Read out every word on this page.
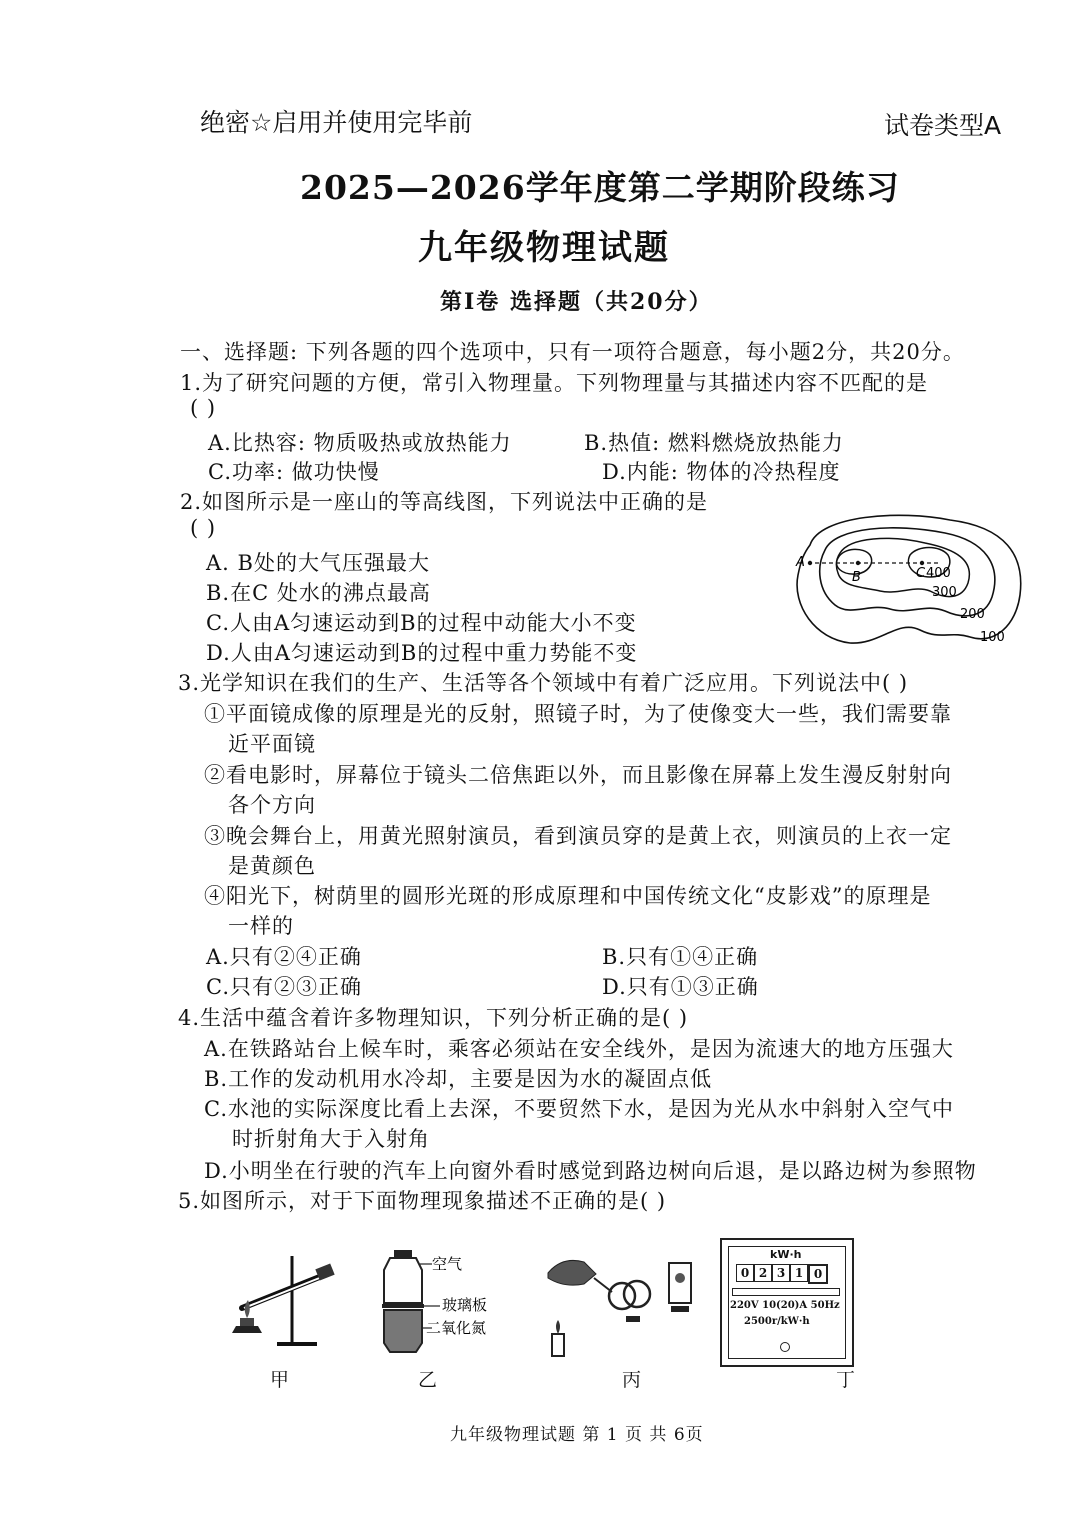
绝密☆启用并使用完毕前	试卷类型A
2025—2026学年度第二学期阶段练习
九年级物理试题
第Ⅰ卷 选择题（共20分）
一、选择题: 下列各题的四个选项中，只有一项符合题意，每小题2分，共20分。
1.为了研究问题的方便，常引入物理量。下列物理量与其描述内容不匹配的是
( )
A.比热容: 物质吸热或放热能力	B.热值: 燃料燃烧放热能力
C.功率: 做功快慢	D.内能: 物体的冷热程度
2.如图所示是一座山的等高线图，下列说法中正确的是
( )
A. B处的大气压强最大
B.在C 处水的沸点最高
C.人由A匀速运动到B的过程中动能大小不变
D.人由A匀速运动到B的过程中重力势能不变
A
B	C 400
300
200
100
3.光学知识在我们的生产、生活等各个领域中有着广泛应用。下列说法中( )
①平面镜成像的原理是光的反射，照镜子时，为了使像变大一些，我们需要靠
近平面镜
②看电影时，屏幕位于镜头二倍焦距以外，而且影像在屏幕上发生漫反射射向
各个方向
③晚会舞台上，用黄光照射演员，看到演员穿的是黄上衣，则演员的上衣一定
是黄颜色
④阳光下，树荫里的圆形光斑的形成原理和中国传统文化“皮影戏”的原理是
一样的
A.只有②④正确	B.只有①④正确
C.只有②③正确	D.只有①③正确
4.生活中蕴含着许多物理知识，下列分析正确的是( )
A.在铁路站台上候车时，乘客必须站在安全线外，是因为流速大的地方压强大
B.工作的发动机用水冷却，主要是因为水的凝固点低
C.水池的实际深度比看上去深，不要贸然下水，是因为光从水中斜射入空气中
时折射角大于入射角
D.小明坐在行驶的汽车上向窗外看时感觉到路边树向后退，是以路边树为参照物
5.如图所示，对于下面物理现象描述不正确的是( )
空气
玻璃板
二氧化氮
kW·h
0 2 3 1 0
220V 10(20)A 50Hz
2500r/kW·h
甲	乙	丙	丁
九年级物理试题 第 1 页 共 6页
